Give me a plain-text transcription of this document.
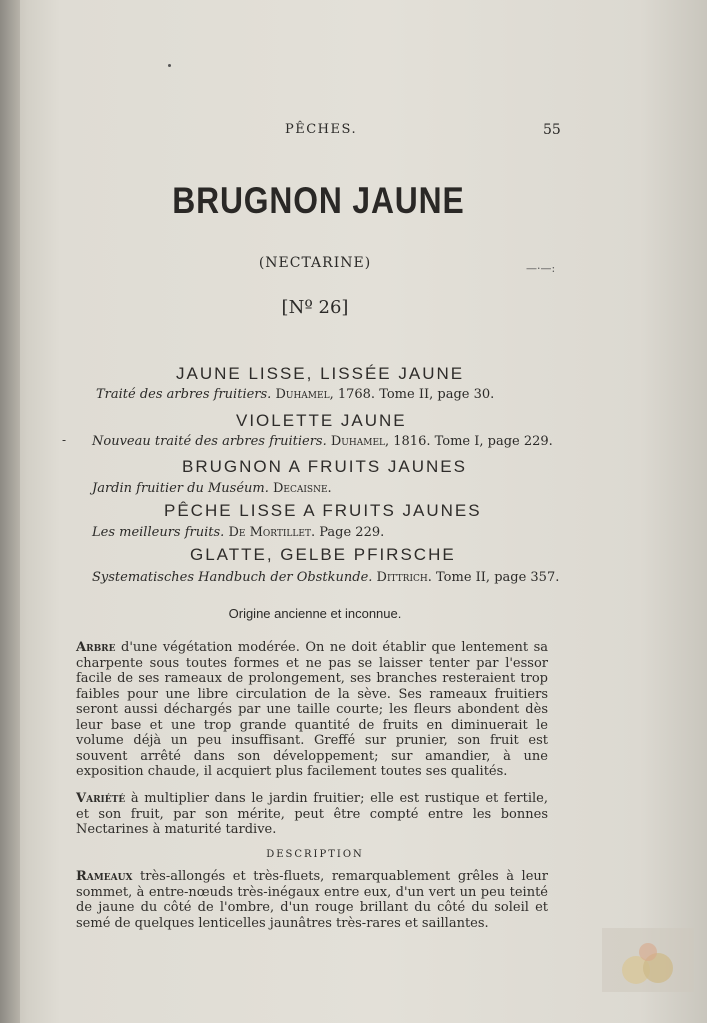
PÊCHES.	55
BRUGNON JAUNE
(NECTARINE)	—·—:
[Nº 26]
-
JAUNE LISSE, LISSÉE JAUNE
Traité des arbres fruitiers. Duhamel, 1768. Tome II, page 30.
VIOLETTE JAUNE
Nouveau traité des arbres fruitiers. Duhamel, 1816. Tome I, page 229.
BRUGNON A FRUITS JAUNES
Jardin fruitier du Muséum. Decaisne.
PÊCHE LISSE A FRUITS JAUNES
Les meilleurs fruits. De Mortillet. Page 229.
GLATTE, GELBE PFIRSCHE
Systematisches Handbuch der Obstkunde. Dittrich. Tome II, page 357.
Origine ancienne et inconnue.
Arbre d'une végétation modérée. On ne doit établir que lentement sa charpente sous toutes formes et ne pas se laisser tenter par l'essor facile de ses rameaux de prolongement, ses branches resteraient trop faibles pour une libre circulation de la sève. Ses rameaux fruitiers seront aussi déchargés par une taille courte; les fleurs abondent dès leur base et une trop grande quantité de fruits en diminuerait le volume déjà un peu insuffisant. Greffé sur prunier, son fruit est souvent arrêté dans son développement; sur amandier, à une exposition chaude, il acquiert plus facilement toutes ses qualités.
Variété à multiplier dans le jardin fruitier; elle est rustique et fertile, et son fruit, par son mérite, peut être compté entre les bonnes Nectarines à maturité tardive.
DESCRIPTION
Rameaux très-allongés et très-fluets, remarquablement grêles à leur sommet, à entre-nœuds très-inégaux entre eux, d'un vert un peu teinté de jaune du côté de l'ombre, d'un rouge brillant du côté du soleil et semé de quelques lenticelles jaunâtres très-rares et saillantes.
